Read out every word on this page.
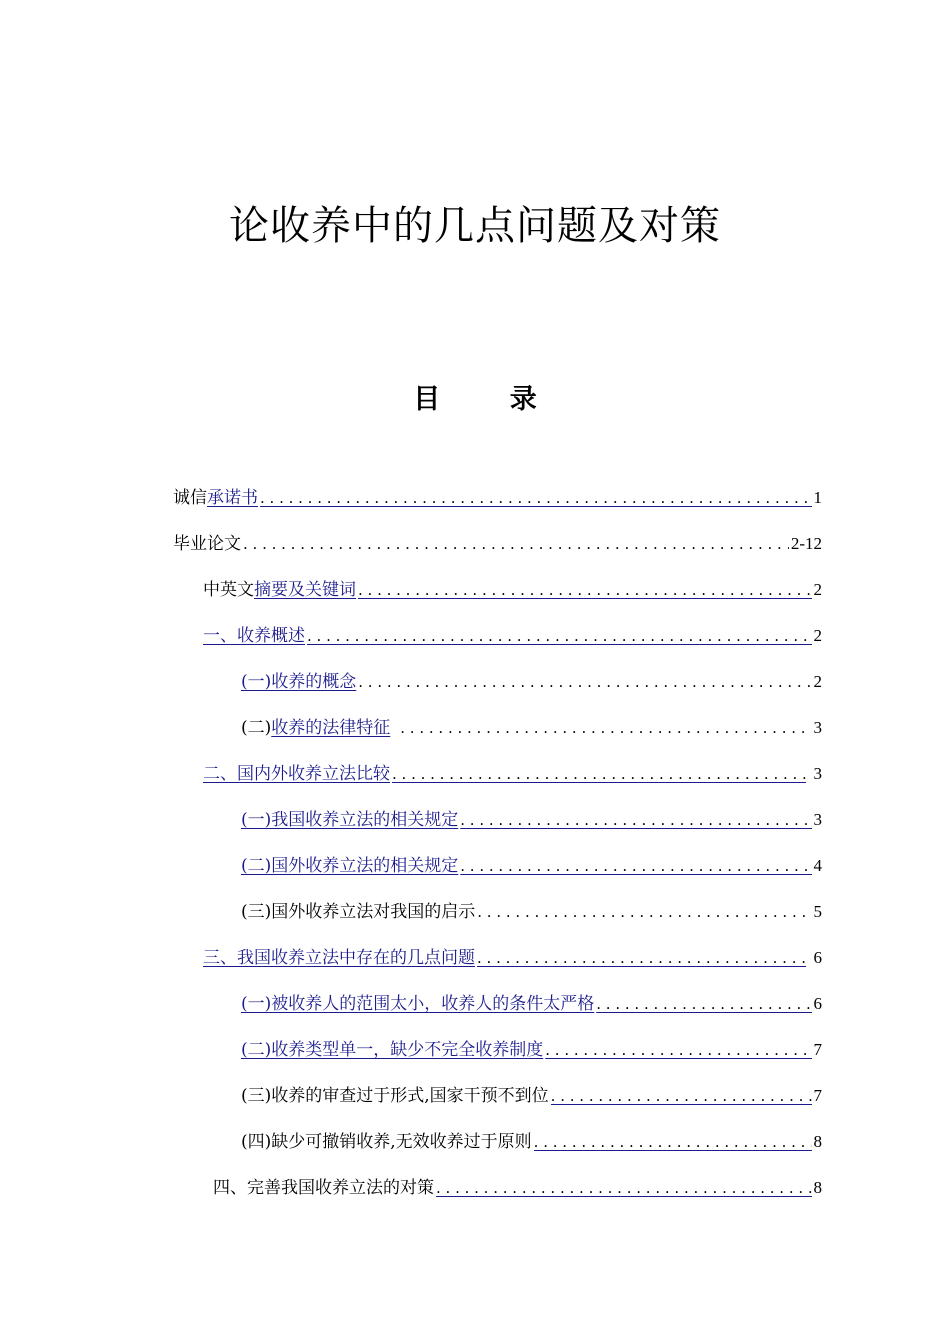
论收养中的几点问题及对策
目 录
诚信 承诺书 . . .	1
毕业论文 . . .	2-12
中英文 摘要及关键词 . . .	2
一、收养概述 . . .	2
(一)收养的概念 . . .	2
(二) 收养的法律特征 . . .	3
二、国内外收养立法比较 . . .	3
(一)我国收养立法的相关规定 . . .	3
(二)国外收养立法的相关规定 . . .	4
(三)国外收养立法对我国的启示 . . .	5
三、我国收养立法中存在的几点问题 . . .	6
(一)被收养人的范围太小，收养人的条件太严格 . . .	6
(二)收养类型单一，缺少不完全收养制度 . . .	7
(三)收养的审查过于形式,国家干预不到位 . . .	7
(四)缺少可撤销收养,无效收养过于原则 . . .	8
四、完善我国收养立法的对策 . . .	8
